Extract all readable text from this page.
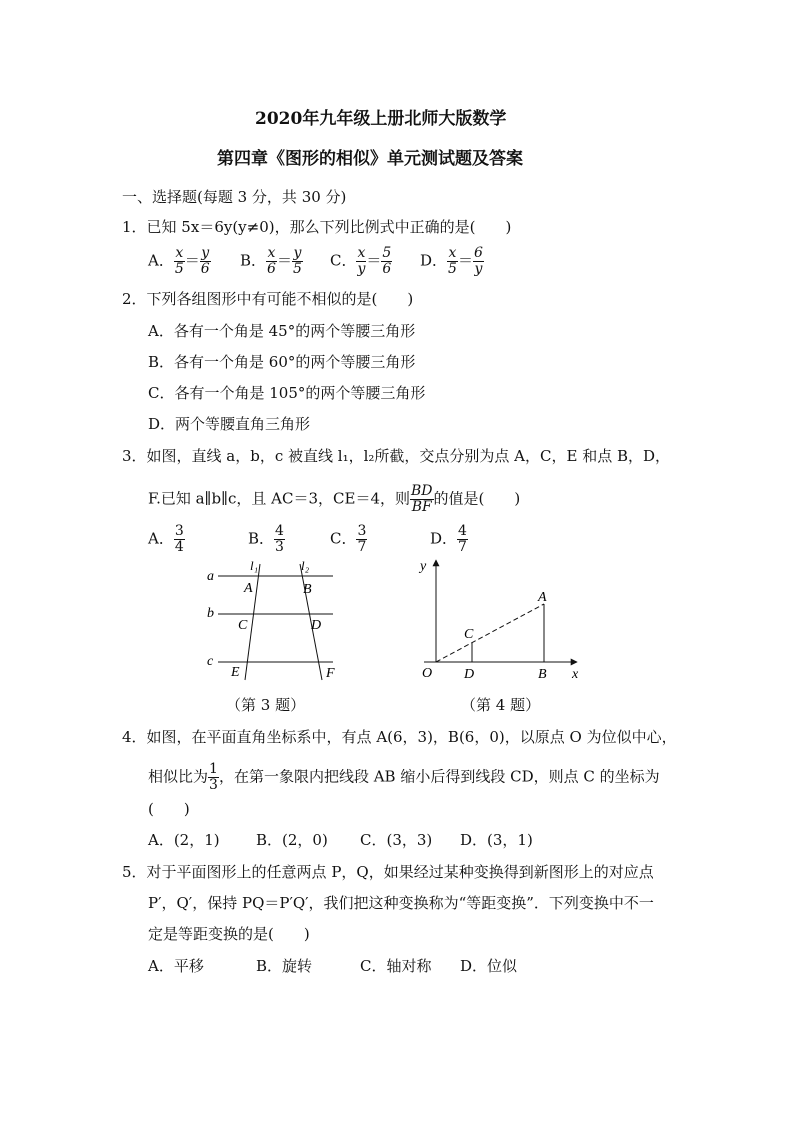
2020年九年级上册北师大版数学
第四章《图形的相似》单元测试题及答案
一、选择题(每题 3 分，共 30 分)
1．已知 5x＝6y(y≠0)，那么下列比例式中正确的是(　　)
A． $\frac{x}{5} = \frac{y}{6}$ B． $\frac{x}{6} = \frac{y}{5}$ C． $\frac{x}{y} = \frac{5}{6}$ D． $\frac{x}{5} = \frac{6}{y}$
2．下列各组图形中有可能不相似的是(　　)
A．各有一个角是 45°的两个等腰三角形
B．各有一个角是 60°的两个等腰三角形
C．各有一个角是 105°的两个等腰三角形
D．两个等腰直角三角形
3．如图，直线 a，b，c 被直线 l₁，l₂所截，交点分别为点 A，C，E 和点 B，D，
F.已知 a∥b∥c，且 AC＝3，CE＝4，则 $\frac{BD}{BF}$ 的值是(　　)
A． $\frac{3}{4}$	B． $\frac{4}{3}$	C． $\frac{3}{7}$	D． $\frac{4}{7}$
a
b
c
l₁	l₂
A	B
C	D
E	F
（第 3 题）
y
x
O
A
B
C
D
（第 4 题）
4．如图，在平面直角坐标系中，有点 A(6，3)，B(6，0)，以原点 O 为位似中心，
相似比为 $\frac{1}{3}$ ，在第一象限内把线段 AB 缩小后得到线段 CD，则点 C 的坐标为
(　　)
A．(2，1) B．(2，0) C．(3，3) D．(3，1)
5．对于平面图形上的任意两点 P，Q，如果经过某种变换得到新图形上的对应点
P′，Q′，保持 PQ＝P′Q′，我们把这种变换称为“等距变换”．下列变换中不一
定是等距变换的是(　　)
A．平移	B．旋转	C．轴对称 D．位似
